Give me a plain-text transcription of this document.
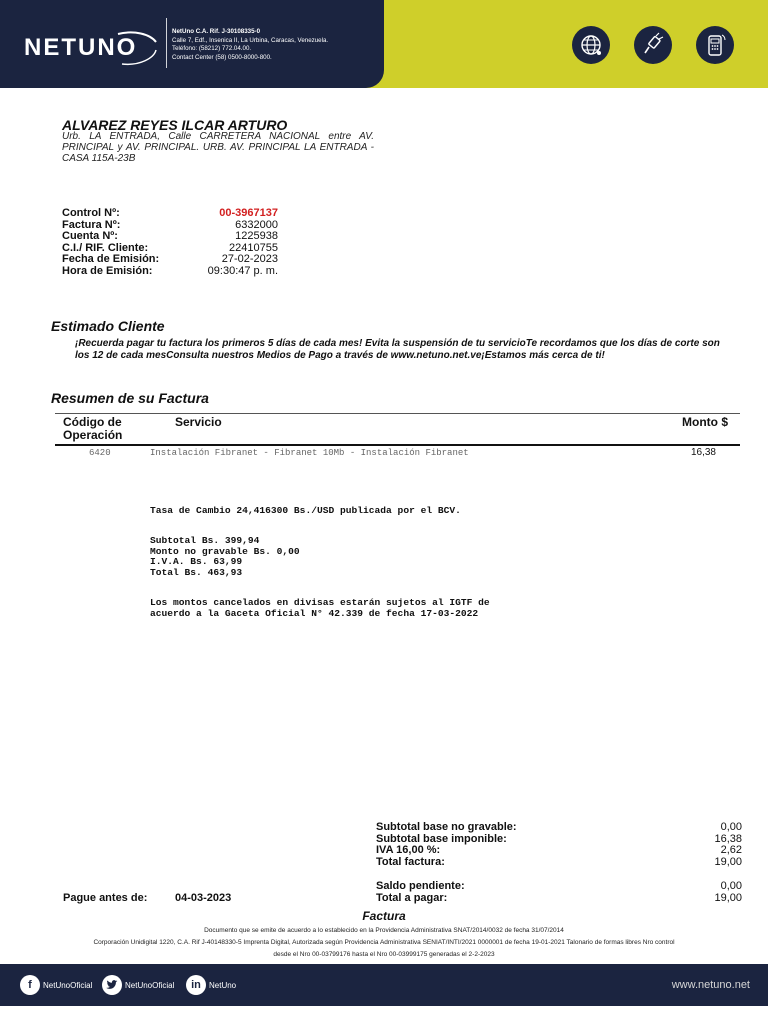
NETUNO
NetUno C.A. Rif. J-30108335-0
Calle 7, Edf., Insenica II, La Urbina, Caracas, Venezuela.
Teléfono: (58212) 772.04.00.
Contact Center (58) 0500-8000-800.
ALVAREZ REYES ILCAR ARTURO
Urb. LA ENTRADA, Calle CARRETERA NACIONAL entre AV. PRINCIPAL y AV. PRINCIPAL. URB. AV. PRINCIPAL LA ENTRADA - CASA 115A-23B
Control Nº:	00-3967137
Factura Nº:	6332000
Cuenta Nº:	1225938
C.I./ RIF. Cliente:	22410755
Fecha de Emisión:	27-02-2023
Hora de Emisión:	09:30:47 p. m.
Estimado Cliente
¡Recuerda pagar tu factura los primeros 5 días de cada mes! Evita la suspensión de tu servicioTe recordamos que los días de corte son los 12 de cada mesConsulta nuestros Medios de Pago a través de www.netuno.net.ve¡Estamos más cerca de ti!
Resumen de su Factura
Código de Operación
Servicio	Monto $
6420	Instalación Fibranet - Fibranet 10Mb - Instalación Fibranet	16,38
Tasa de Cambio 24,416300 Bs./USD publicada por el BCV.
Subtotal Bs. 399,94
Monto no gravable Bs. 0,00
I.V.A. Bs. 63,99
Total Bs. 463,93
Los montos cancelados en divisas estarán sujetos al IGTF de
acuerdo a la Gaceta Oficial N° 42.339 de fecha 17-03-2022
Subtotal base no gravable:	0,00
Subtotal base imponible:	16,38
IVA 16,00 %:	2,62
Total factura:	19,00
Saldo pendiente:	0,00
Total a pagar:	19,00
Pague antes de:	04-03-2023
Factura
Documento que se emite de acuerdo a lo establecido en la Providencia Administrativa SNAT/2014/0032 de fecha 31/07/2014
Corporación Unidigital 1220, C.A. Rif J-40148330-5 Imprenta Digital, Autorizada según Providencia Administrativa SENIAT/INTI/2021 0000001 de fecha 19-01-2021 Talonario de formas libres Nro control
desde el Nro 00-03799176 hasta el Nro 00-03999175 generadas el 2-2-2023
f	NetUnoOficial	NetUnoOficial	in	NetUno	www.netuno.net
